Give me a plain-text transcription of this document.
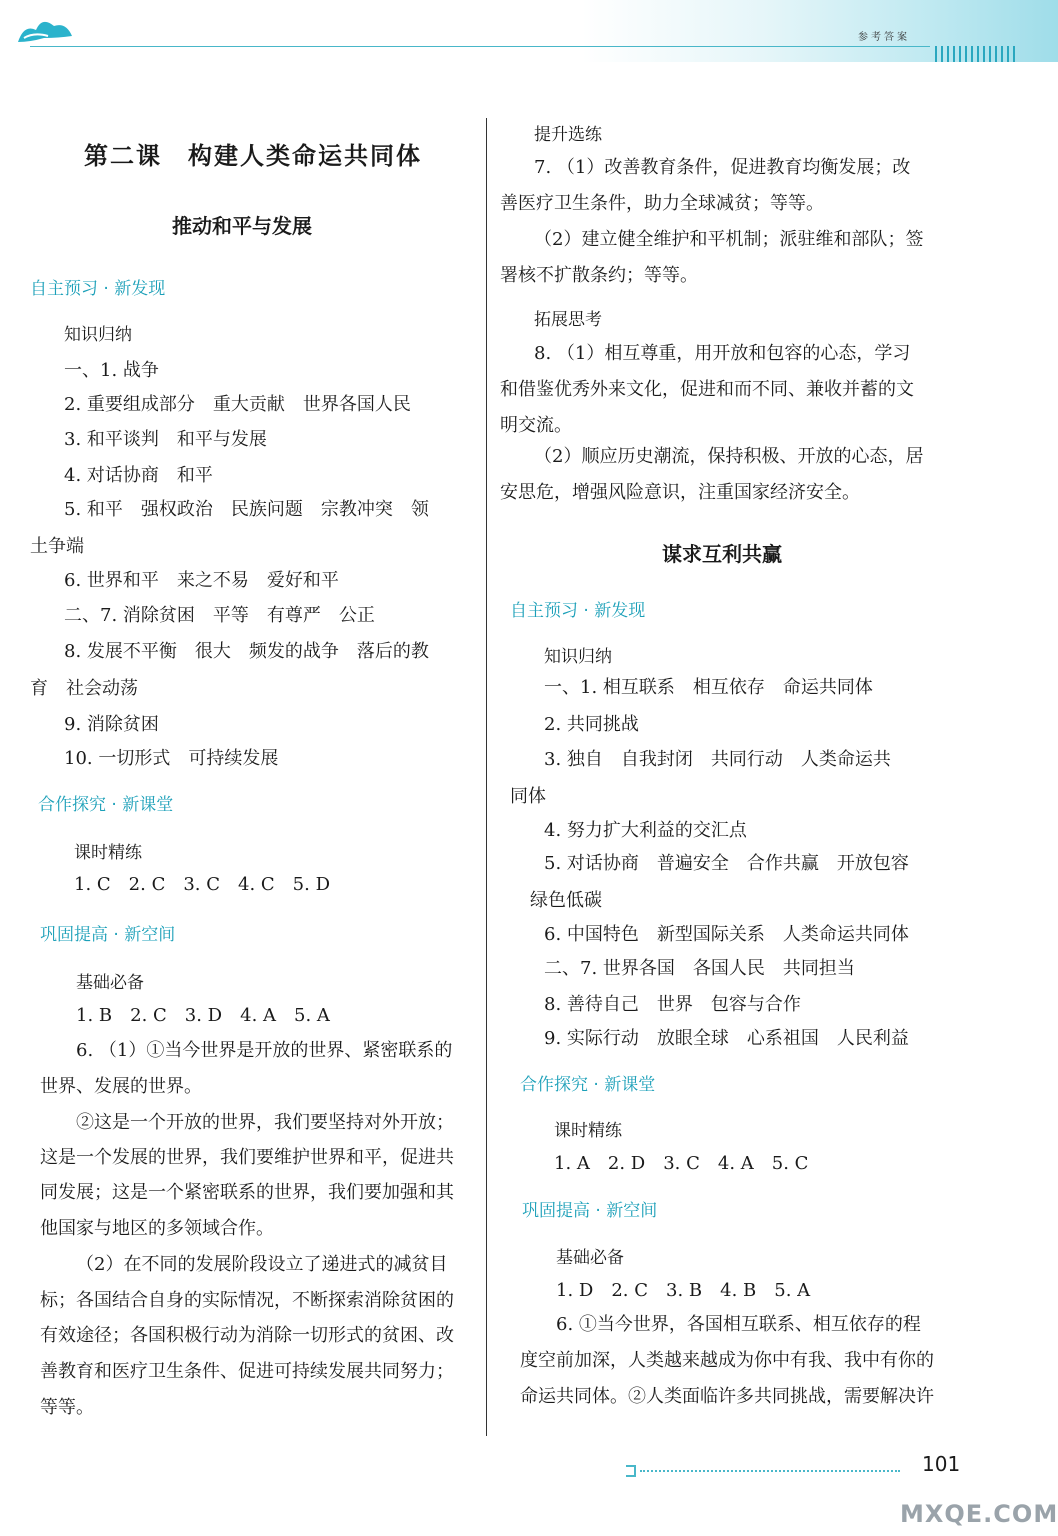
参考答案
第二课　构建人类命运共同体
推动和平与发展
自主预习 · 新发现
知识归纳
一、1. 战争
2. 重要组成部分　重大贡献　世界各国人民
3. 和平谈判　和平与发展
4. 对话协商　和平
5. 和平　强权政治　民族问题　宗教冲突　领
土争端
6. 世界和平　来之不易　爱好和平
二、7. 消除贫困　平等　有尊严　公正
8. 发展不平衡　很大　频发的战争　落后的教
育　社会动荡
9. 消除贫困
10. 一切形式　可持续发展
合作探究 · 新课堂
课时精练
1. C　2. C　3. C　4. C　5. D
巩固提高 · 新空间
基础必备
1. B　2. C　3. D　4. A　5. A
6. （1）①当今世界是开放的世界、紧密联系的
世界、发展的世界。
②这是一个开放的世界，我们要坚持对外开放；
这是一个发展的世界，我们要维护世界和平，促进共
同发展；这是一个紧密联系的世界，我们要加强和其
他国家与地区的多领域合作。
（2）在不同的发展阶段设立了递进式的减贫目
标；各国结合自身的实际情况，不断探索消除贫困的
有效途径；各国积极行动为消除一切形式的贫困、改
善教育和医疗卫生条件、促进可持续发展共同努力；
等等。
提升选练
7. （1）改善教育条件，促进教育均衡发展；改
善医疗卫生条件，助力全球减贫；等等。
（2）建立健全维护和平机制；派驻维和部队；签
署核不扩散条约；等等。
拓展思考
8. （1）相互尊重，用开放和包容的心态，学习
和借鉴优秀外来文化，促进和而不同、兼收并蓄的文
明交流。
（2）顺应历史潮流，保持积极、开放的心态，居
安思危，增强风险意识，注重国家经济安全。
谋求互利共赢
自主预习 · 新发现
知识归纳
一、1. 相互联系　相互依存　命运共同体
2. 共同挑战
3. 独自　自我封闭　共同行动　人类命运共
同体
4. 努力扩大利益的交汇点
5. 对话协商　普遍安全　合作共赢　开放包容
绿色低碳
6. 中国特色　新型国际关系　人类命运共同体
二、7. 世界各国　各国人民　共同担当
8. 善待自己　世界　包容与合作
9. 实际行动　放眼全球　心系祖国　人民利益
合作探究 · 新课堂
课时精练
1. A　2. D　3. C　4. A　5. C
巩固提高 · 新空间
基础必备
1. D　2. C　3. B　4. B　5. A
6. ①当今世界，各国相互联系、相互依存的程
度空前加深，人类越来越成为你中有我、我中有你的
命运共同体。②人类面临许多共同挑战，需要解决许
101
MXQE.COM
